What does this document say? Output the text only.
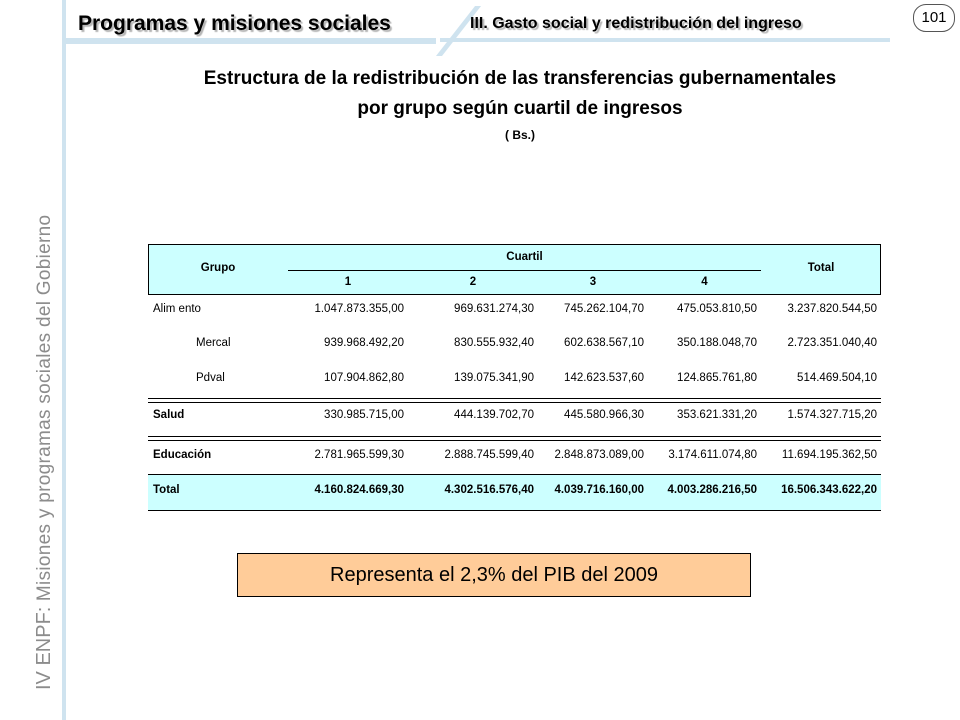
IV ENPF: Misiones y programas sociales del Gobierno
Programas y misiones sociales	III. Gasto social y redistribución del ingreso	101
Estructura de la redistribución de las transferencias gubernamentales
por grupo según cuartil de ingresos
( Bs.)
Grupo
Cuartil
1	2	3	4
Total
Alim ento	1.047.873.355,00	969.631.274,30	745.262.104,70	475.053.810,50	3.237.820.544,50
Mercal	939.968.492,20	830.555.932,40	602.638.567,10	350.188.048,70	2.723.351.040,40
Pdval	107.904.862,80	139.075.341,90	142.623.537,60	124.865.761,80	514.469.504,10
Salud	330.985.715,00	444.139.702,70	445.580.966,30	353.621.331,20	1.574.327.715,20
Educación	2.781.965.599,30	2.888.745.599,40	2.848.873.089,00	3.174.611.074,80	11.694.195.362,50
Total	4.160.824.669,30	4.302.516.576,40	4.039.716.160,00	4.003.286.216,50	16.506.343.622,20
Representa el 2,3% del PIB del 2009
